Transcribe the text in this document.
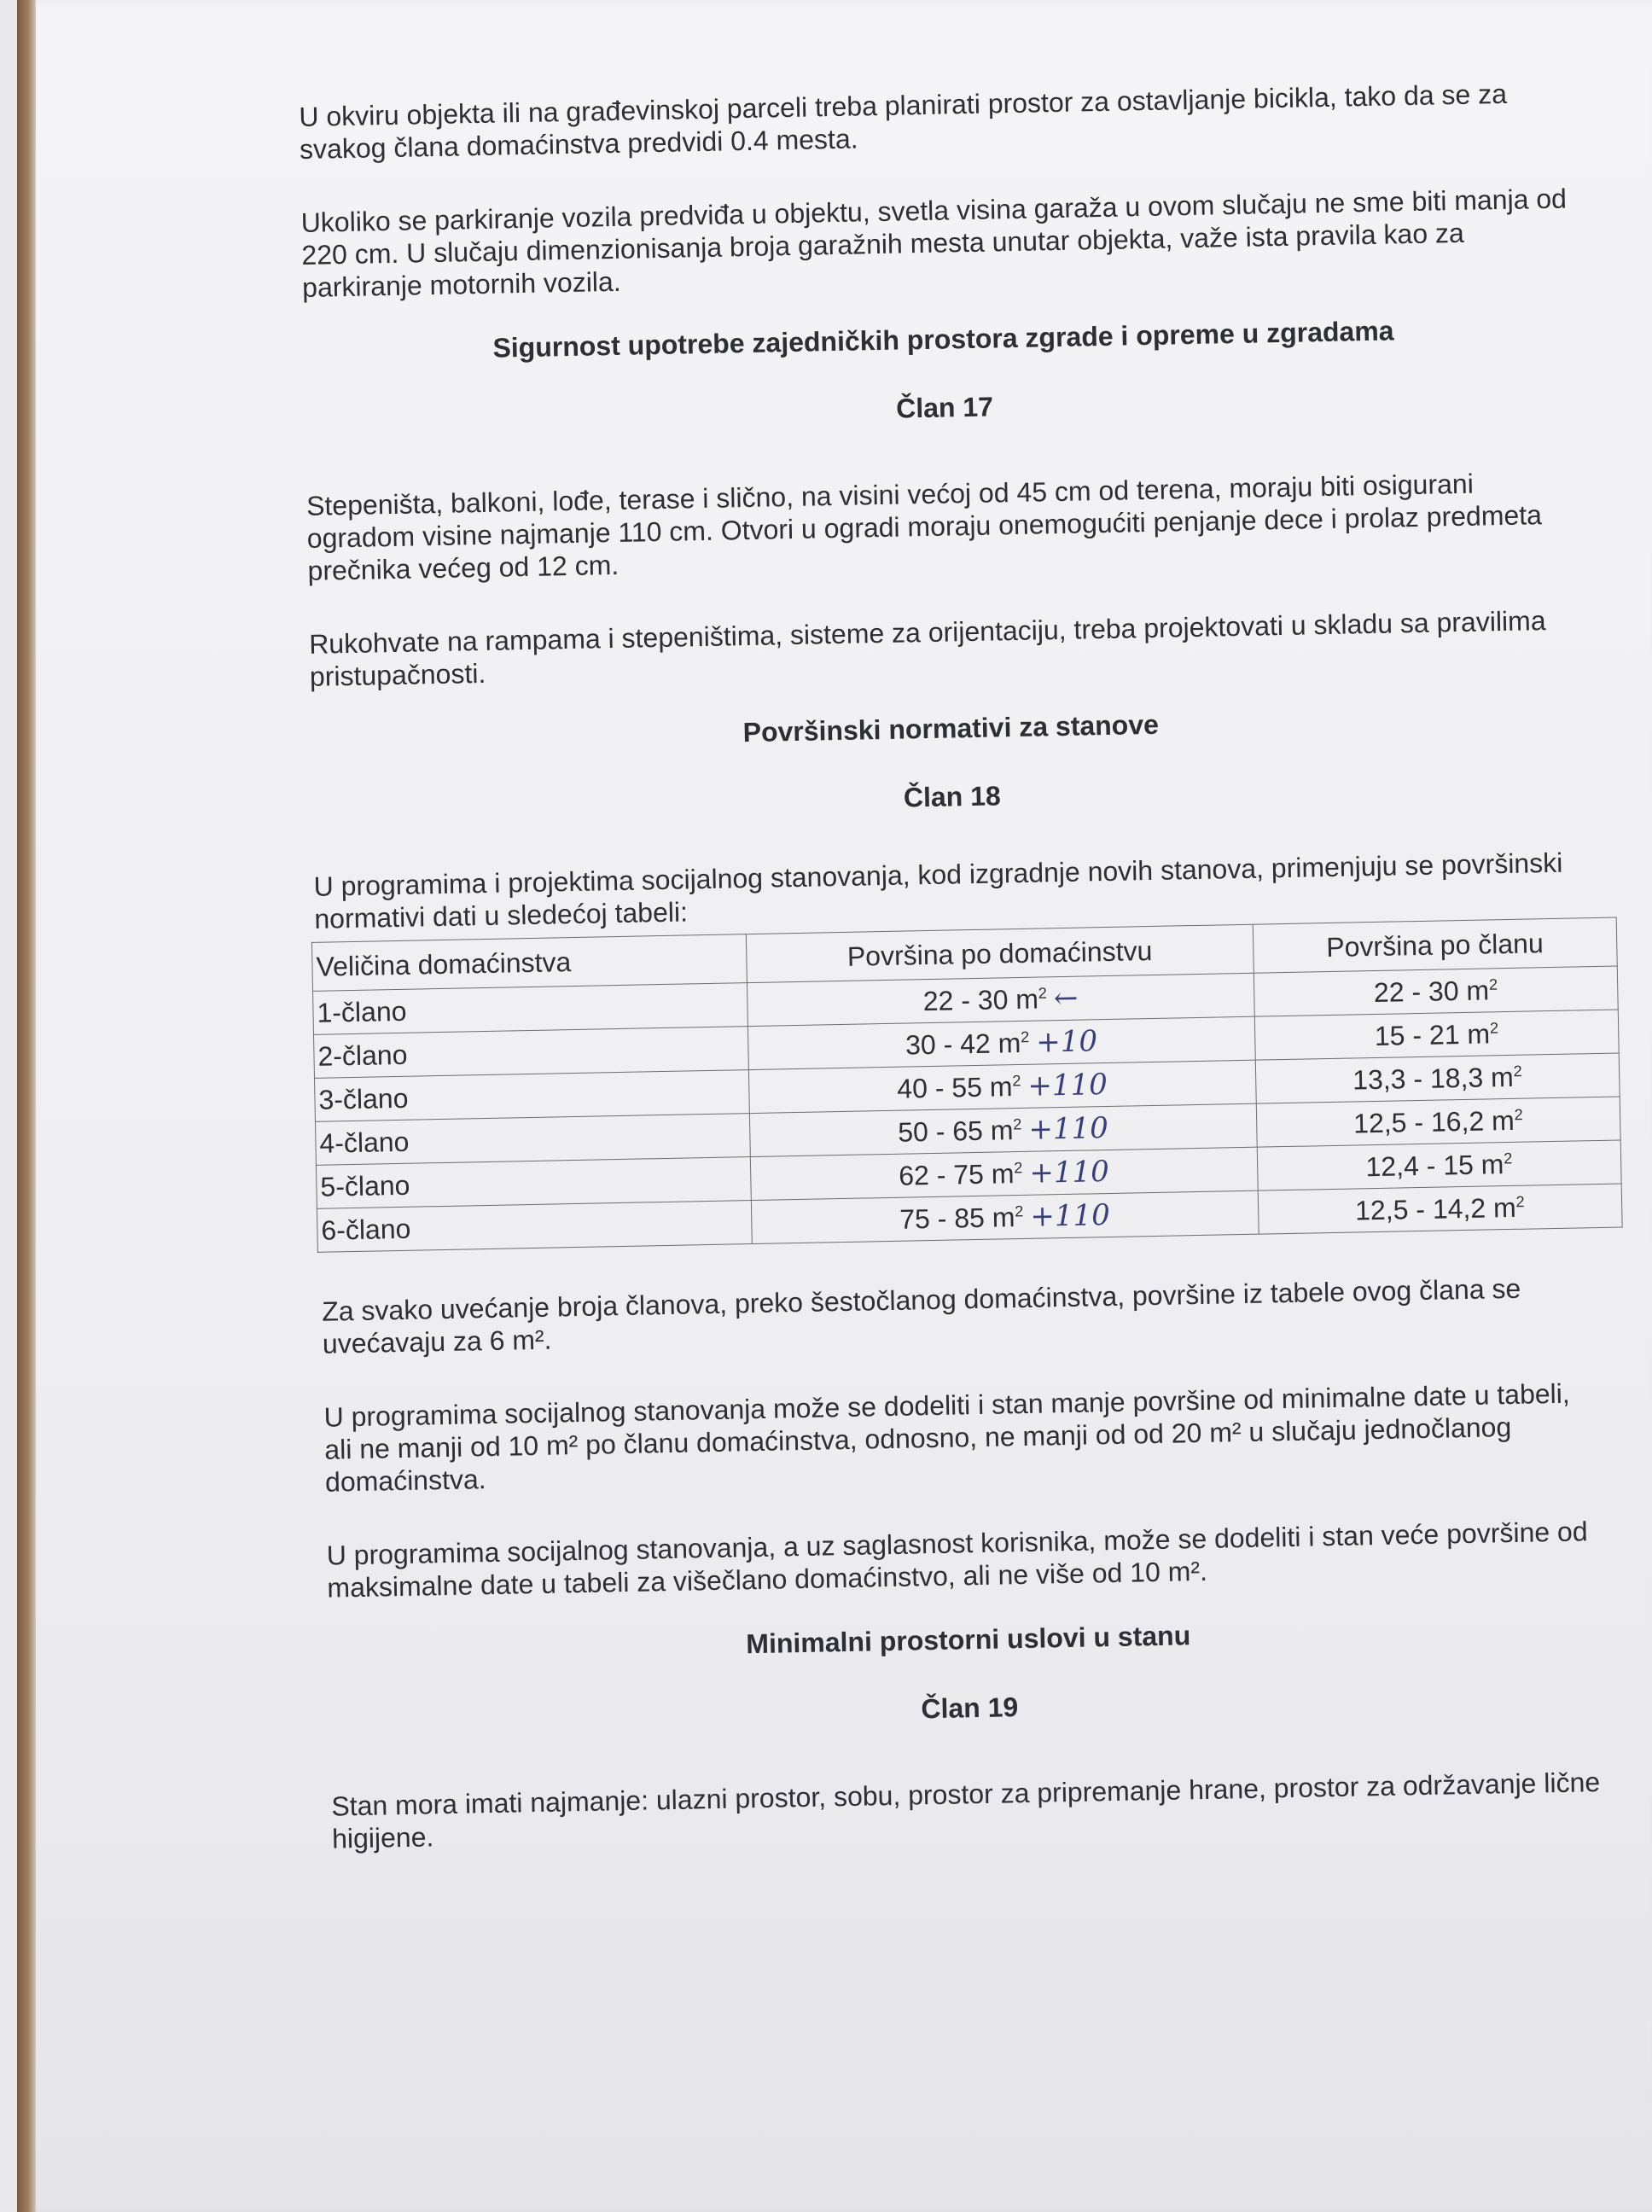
U okviru objekta ili na građevinskoj parceli treba planirati prostor za ostavljanje bicikla, tako da se za svakog člana domaćinstva predvidi 0.4 mesta.

Ukoliko se parkiranje vozila predviđa u objektu, svetla visina garaža u ovom slučaju ne sme biti manja od 220 cm. U slučaju dimenzionisanja broja garažnih mesta unutar objekta, važe ista pravila kao za parkiranje motornih vozila.

Sigurnost upotrebe zajedničkih prostora zgrade i opreme u zgradama
Član 17

Stepeništa, balkoni, lođe, terase i slično, na visini većoj od 45 cm od terena, moraju biti osigurani ogradom visine najmanje 110 cm. Otvori u ogradi moraju onemogućiti penjanje dece i prolaz predmeta prečnika većeg od 12 cm.

Rukohvate na rampama i stepeništima, sisteme za orijentaciju, treba projektovati u skladu sa pravilima pristupačnosti.

Površinski normativi za stanove
Član 18

U programima i projektima socijalnog stanovanja, kod izgradnje novih stanova, primenjuju se površinski normativi dati u sledećoj tabeli:

Veličina domaćinstva	Površina po domaćinstvu	Površina po članu
1-člano	22 - 30 $m^2$ ←	22 - 30 $m^2$
2-člano	30 - 42 $m^2 +10$	15 - 21 $m^2$
3-člano	40 - 55 $m^2 +110$	13,3 - 18,3 $m^2$
4-člano	50 - 65 $m^2 +110$	12,5 - 16,2 $m^2$
5-člano	62 - 75 $m^2 +110$	12,4 - 15 $m^2$
6-člano	75 - 85 $m^2 +110$	12,5 - 14,2 $m^2$

Za svako uvećanje broja članova, preko šestočlanog domaćinstva, površine iz tabele ovog člana se uvećavaju za 6 m².

U programima socijalnog stanovanja može se dodeliti i stan manje površine od minimalne date u tabeli, ali ne manji od 10 m² po članu domaćinstva, odnosno, ne manji od od 20 m² u slučaju jednočlanog domaćinstva.

U programima socijalnog stanovanja, a uz saglasnost korisnika, može se dodeliti i stan veće površine od maksimalne date u tabeli za višečlano domaćinstvo, ali ne više od 10 m².

Minimalni prostorni uslovi u stanu
Član 19

Stan mora imati najmanje: ulazni prostor, sobu, prostor za pripremanje hrane, prostor za održavanje lične higijene.
